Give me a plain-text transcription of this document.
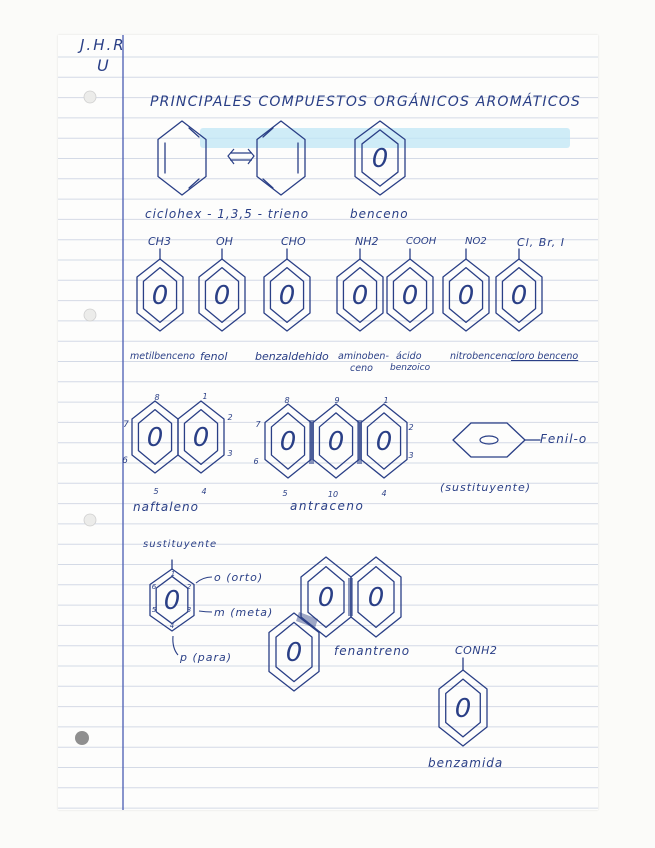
J.H.R
U
PRINCIPALES COMPUESTOS ORGÁNICOS AROMÁTICOS
ciclohex - 1,3,5 - trieno	benceno
CH3	OH	CHO	NH2	COOH	NO2	Cl, Br, I
metilbenceno fenol	benzaldehido aminoben-
ceno
ácido
benzoico
nitrobenceno
cloro benceno
naftaleno	antraceno
Fenil-o
(sustituyente)
sustituyente
o (orto)
m (meta)
p (para)	fenantreno	CONH2
benzamida
0
0 0 0 0 0 0 0
0 0
8	1
2
3
4
5
6
7
0 0 0
8	9	1
2
3
4
10
5
6
7
0
1
2
3
4
5
6	0 0
0
0
